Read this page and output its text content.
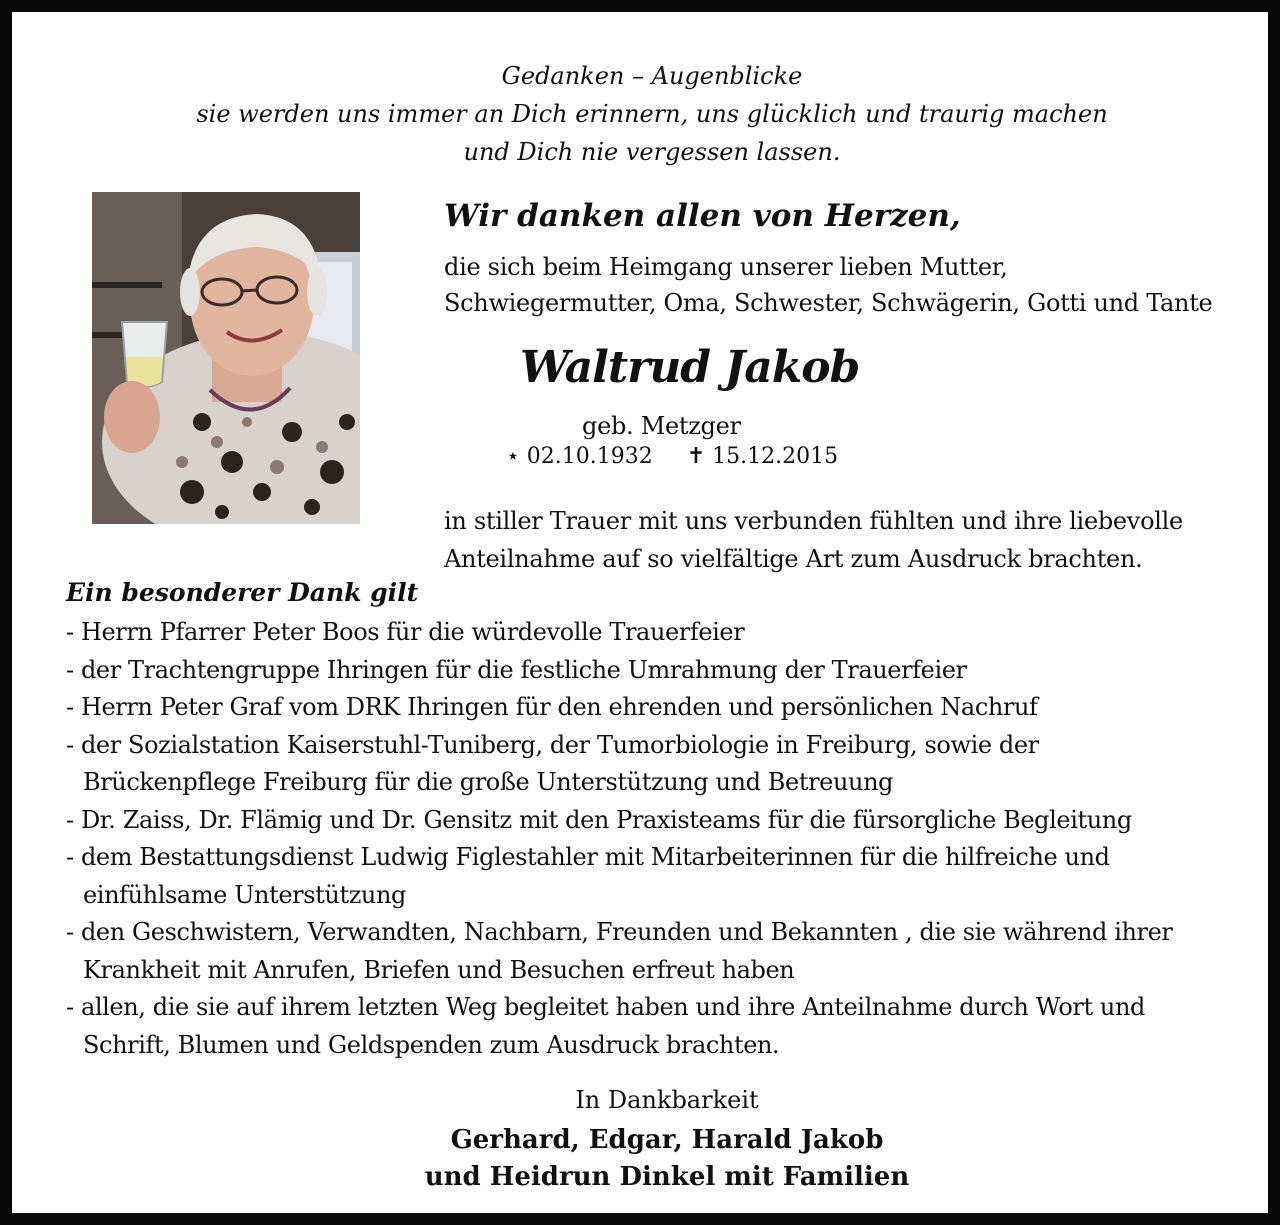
Gedanken – Augenblicke
sie werden uns immer an Dich erinnern, uns glücklich und traurig machen
und Dich nie vergessen lassen.
Wir danken allen von Herzen,
die sich beim Heimgang unserer lieben Mutter,
Schwiegermutter, Oma, Schwester, Schwägerin, Gotti und Tante
Waltrud Jakob
geb. Metzger
⋆ 02.10.1932 ✝ 15.12.2015
in stiller Trauer mit uns verbunden fühlten und ihre liebevolle
Anteilnahme auf so vielfältige Art zum Ausdruck brachten.
Ein besonderer Dank gilt
- Herrn Pfarrer Peter Boos für die würdevolle Trauerfeier
- der Trachtengruppe Ihringen für die festliche Umrahmung der Trauerfeier
- Herrn Peter Graf vom DRK Ihringen für den ehrenden und persönlichen Nachruf
- der Sozialstation Kaiserstuhl-Tuniberg, der Tumorbiologie in Freiburg, sowie der
Brückenpflege Freiburg für die große Unterstützung und Betreuung
- Dr. Zaiss, Dr. Flämig und Dr. Gensitz mit den Praxisteams für die fürsorgliche Begleitung
- dem Bestattungsdienst Ludwig Figlestahler mit Mitarbeiterinnen für die hilfreiche und
einfühlsame Unterstützung
- den Geschwistern, Verwandten, Nachbarn, Freunden und Bekannten , die sie während ihrer
Krankheit mit Anrufen, Briefen und Besuchen erfreut haben
- allen, die sie auf ihrem letzten Weg begleitet haben und ihre Anteilnahme durch Wort und
Schrift, Blumen und Geldspenden zum Ausdruck brachten.
In Dankbarkeit
Gerhard, Edgar, Harald Jakob
und Heidrun Dinkel mit Familien
